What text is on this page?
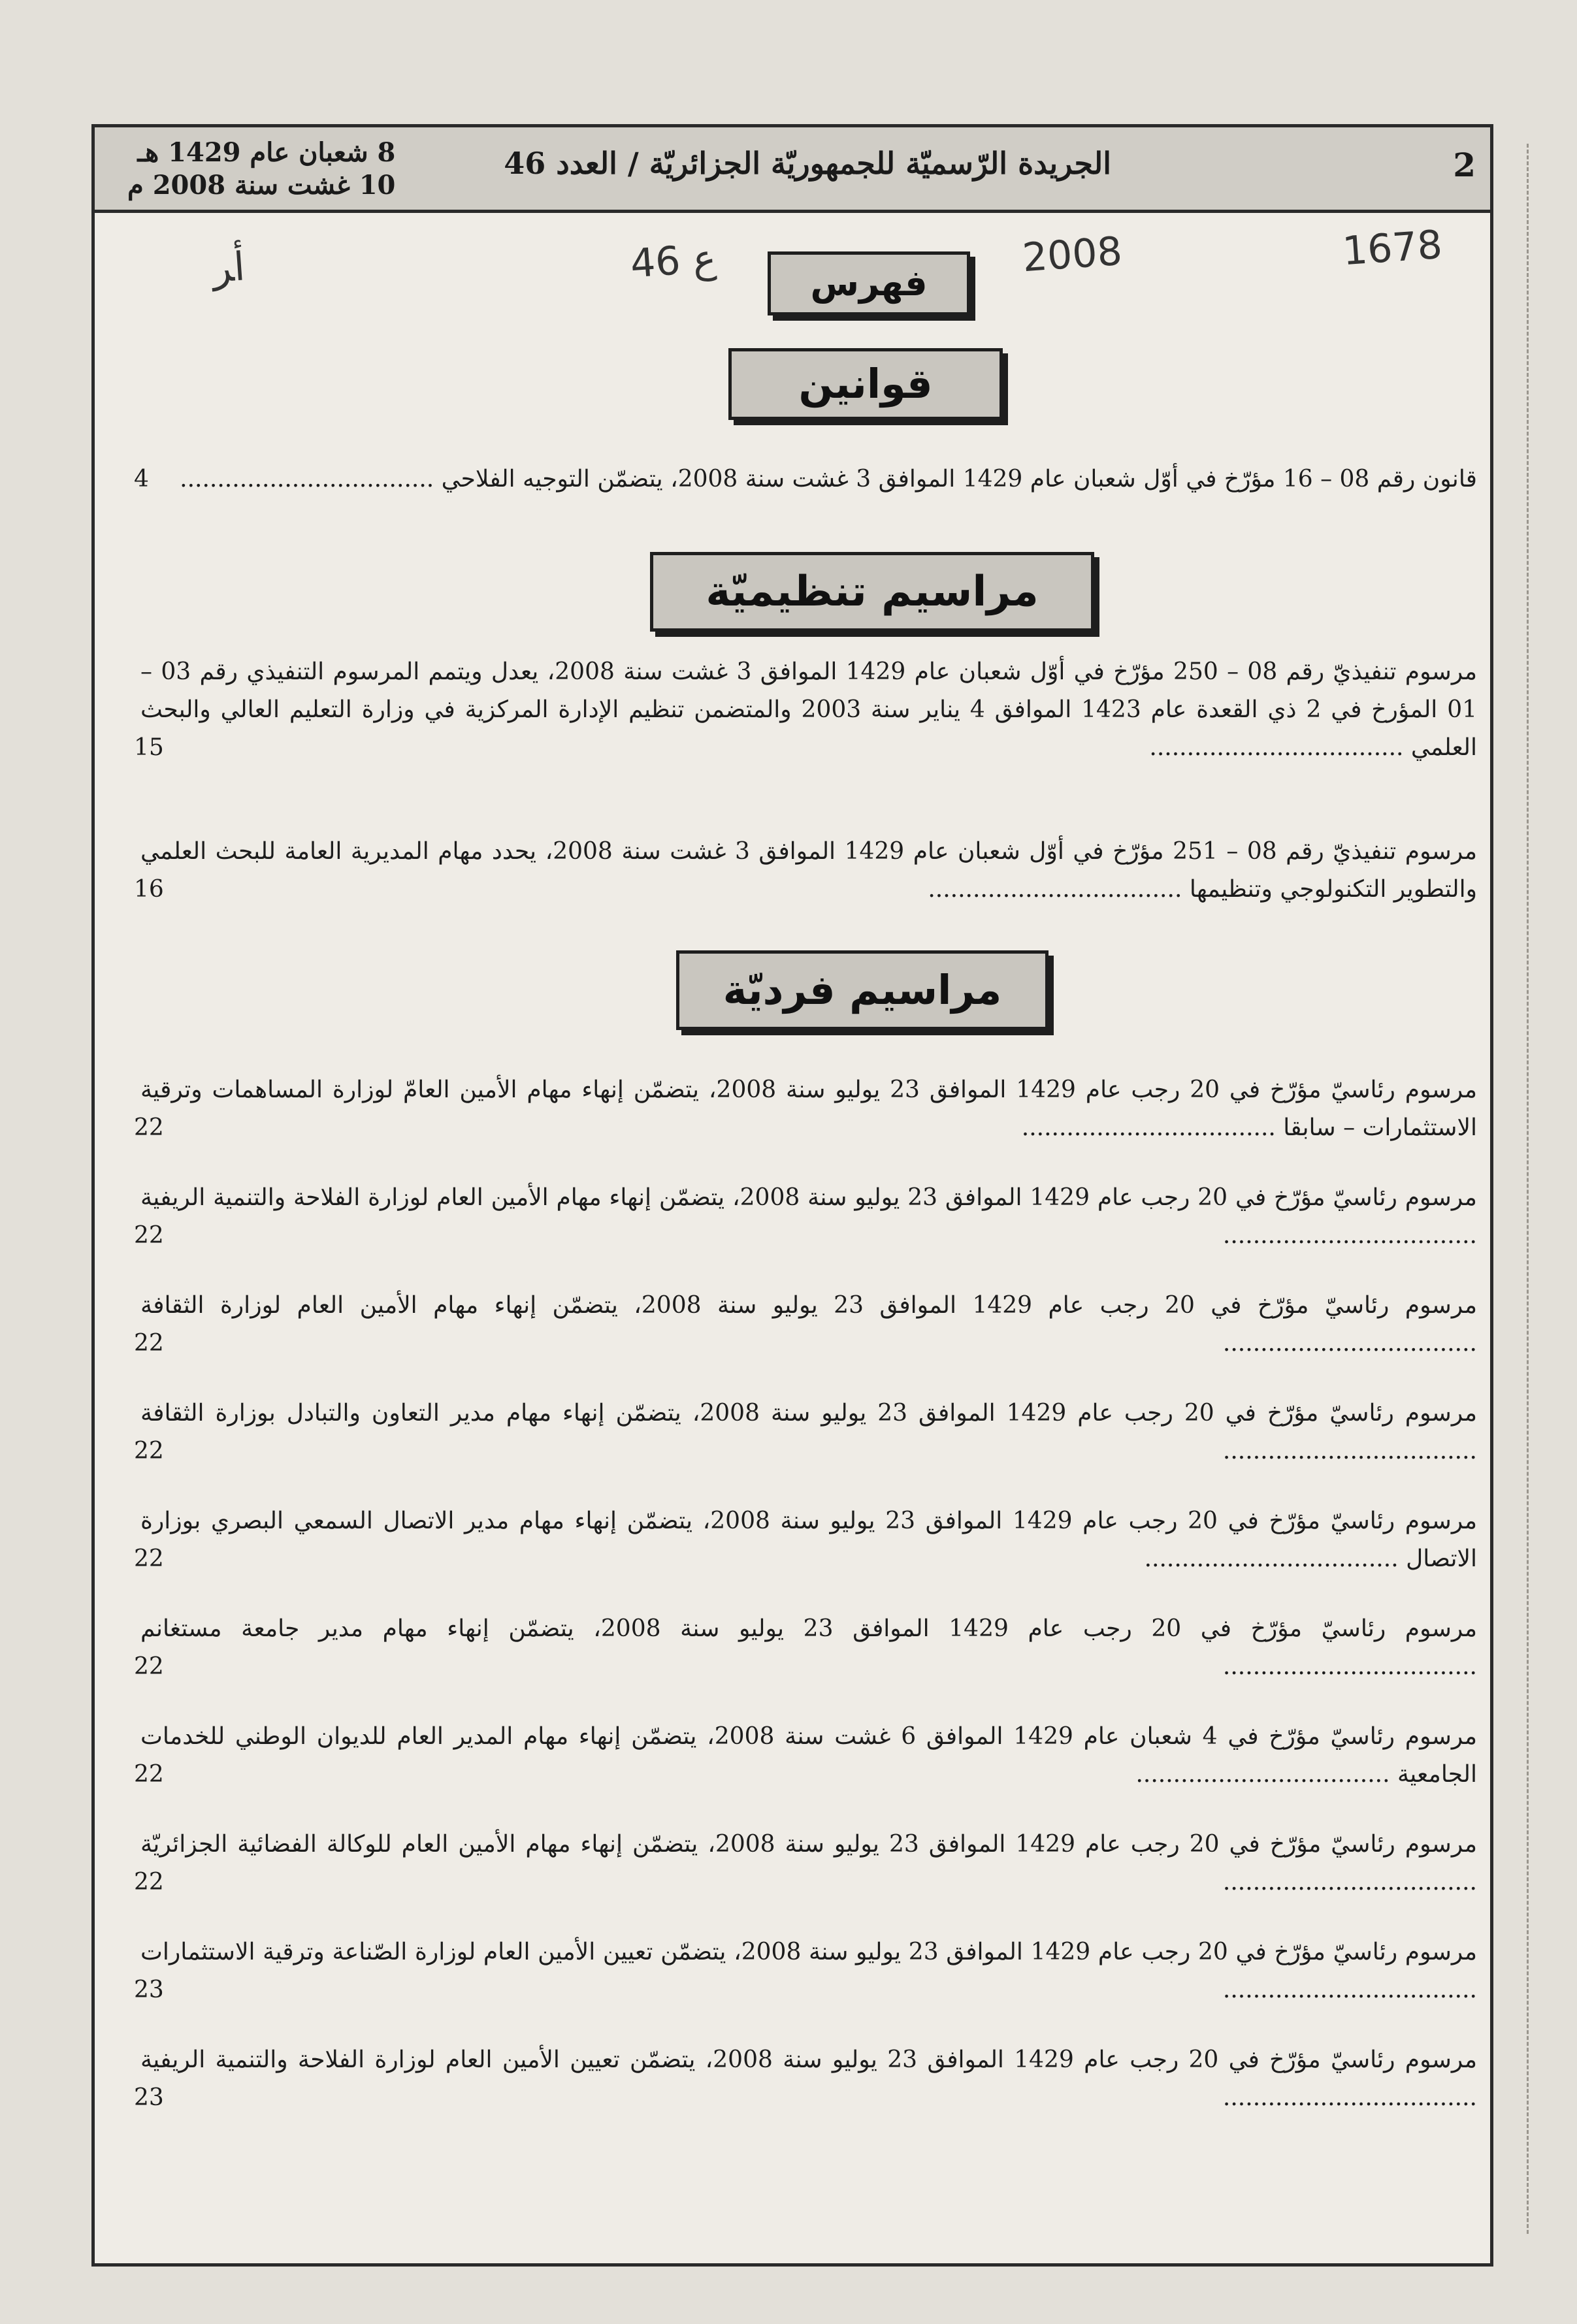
2
الجريدة الرّسميّة للجمهوريّة الجزائريّة / العدد 46
8 شعبان عام 1429 هـ
10 غشت سنة 2008 م
1678
2008
46 ع
ﺃﺮ	فهرس
قوانين
قانون رقم 08 – 16 مؤرّخ في أوّل شعبان عام 1429 الموافق 3 غشت سنة 2008، يتضمّن التوجيه الفلاحي .....
4
مراسيم تنظيميّة
مرسوم تنفيذيّ رقم 08 – 250 مؤرّخ في أوّل شعبان عام 1429 الموافق 3 غشت سنة 2008، يعدل ويتمم المرسوم التنفيذي رقم 03 – 01 المؤرخ في 2 ذي القعدة عام 1423 الموافق 4 يناير سنة 2003 والمتضمن تنظيم الإدارة المركزية في وزارة التعليم العالي والبحث العلمي .....
15
مرسوم تنفيذيّ رقم 08 – 251 مؤرّخ في أوّل شعبان عام 1429 الموافق 3 غشت سنة 2008، يحدد مهام المديرية العامة للبحث العلمي والتطوير التكنولوجي وتنظيمها .....
16
مراسيم فرديّة
مرسوم رئاسيّ مؤرّخ في 20 رجب عام 1429 الموافق 23 يوليو سنة 2008، يتضمّن إنهاء مهام الأمين العامّ لوزارة المساهمات وترقية الاستثمارات – سابقا .....
22
مرسوم رئاسيّ مؤرّخ في 20 رجب عام 1429 الموافق 23 يوليو سنة 2008، يتضمّن إنهاء مهام الأمين العام لوزارة الفلاحة والتنمية الريفية .....
22
مرسوم رئاسيّ مؤرّخ في 20 رجب عام 1429 الموافق 23 يوليو سنة 2008، يتضمّن إنهاء مهام الأمين العام لوزارة الثقافة .....
22
مرسوم رئاسيّ مؤرّخ في 20 رجب عام 1429 الموافق 23 يوليو سنة 2008، يتضمّن إنهاء مهام مدير التعاون والتبادل بوزارة الثقافة .....
22
مرسوم رئاسيّ مؤرّخ في 20 رجب عام 1429 الموافق 23 يوليو سنة 2008، يتضمّن إنهاء مهام مدير الاتصال السمعي البصري بوزارة الاتصال .....
22
مرسوم رئاسيّ مؤرّخ في 20 رجب عام 1429 الموافق 23 يوليو سنة 2008، يتضمّن إنهاء مهام مدير جامعة مستغانم .....
22
مرسوم رئاسيّ مؤرّخ في 4 شعبان عام 1429 الموافق 6 غشت سنة 2008، يتضمّن إنهاء مهام المدير العام للديوان الوطني للخدمات الجامعية .....
22
مرسوم رئاسيّ مؤرّخ في 20 رجب عام 1429 الموافق 23 يوليو سنة 2008، يتضمّن إنهاء مهام الأمين العام للوكالة الفضائية الجزائريّة .....
22
مرسوم رئاسيّ مؤرّخ في 20 رجب عام 1429 الموافق 23 يوليو سنة 2008، يتضمّن تعيين الأمين العام لوزارة الصّناعة وترقية الاستثمارات .....
23
مرسوم رئاسيّ مؤرّخ في 20 رجب عام 1429 الموافق 23 يوليو سنة 2008، يتضمّن تعيين الأمين العام لوزارة الفلاحة والتنمية الريفية .....
23
